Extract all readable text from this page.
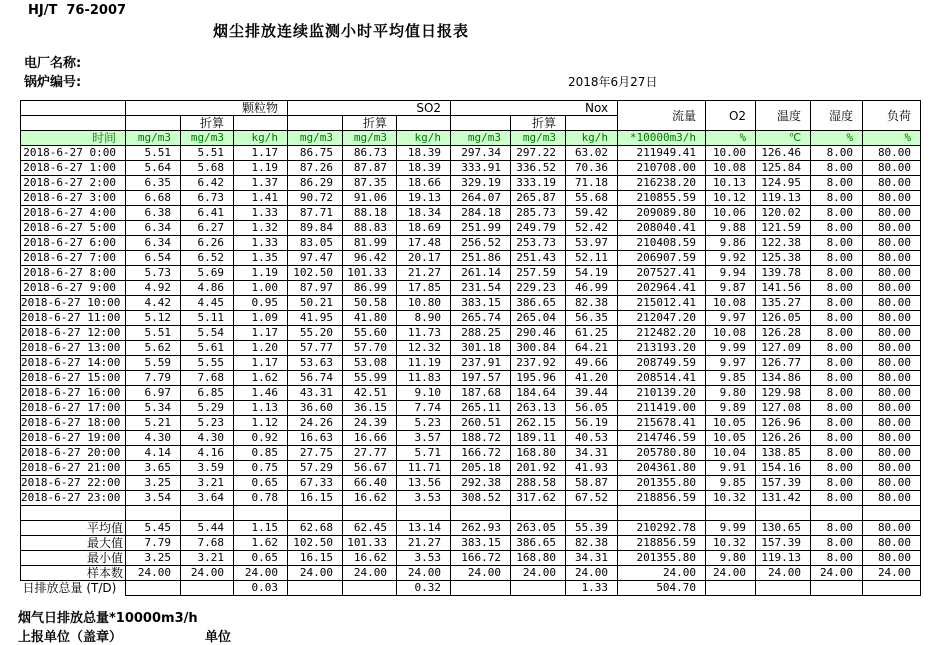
HJ/T  76-2007
烟尘排放连续监测小时平均值日报表
电厂名称:
锅炉编号:	2018年6月27日
	颗粒物			SO2			Nox			流量	O2	温度	湿度	负荷
		折算			折算			折算						
时间	mg/m3	mg/m3	kg/h	mg/m3	mg/m3	kg/h	mg/m3	mg/m3	kg/h	*10000m3/h	%	℃	%	%
2018-6-27 0:00	5.51	5.51	1.17	86.75	86.73	18.39	297.34	297.22	63.02	211949.41	10.00	126.46	8.00	80.00
2018-6-27 1:00	5.64	5.68	1.19	87.26	87.87	18.39	333.91	336.52	70.36	210708.00	10.08	125.84	8.00	80.00
2018-6-27 2:00	6.35	6.42	1.37	86.29	87.35	18.66	329.19	333.19	71.18	216238.20	10.13	124.95	8.00	80.00
2018-6-27 3:00	6.68	6.73	1.41	90.72	91.06	19.13	264.07	265.87	55.68	210855.59	10.12	119.13	8.00	80.00
2018-6-27 4:00	6.38	6.41	1.33	87.71	88.18	18.34	284.18	285.73	59.42	209089.80	10.06	120.02	8.00	80.00
2018-6-27 5:00	6.34	6.27	1.32	89.84	88.83	18.69	251.99	249.79	52.42	208040.41	9.88	121.59	8.00	80.00
2018-6-27 6:00	6.34	6.26	1.33	83.05	81.99	17.48	256.52	253.73	53.97	210408.59	9.86	122.38	8.00	80.00
2018-6-27 7:00	6.54	6.52	1.35	97.47	96.42	20.17	251.86	251.43	52.11	206907.59	9.92	125.38	8.00	80.00
2018-6-27 8:00	5.73	5.69	1.19	102.50	101.33	21.27	261.14	257.59	54.19	207527.41	9.94	139.78	8.00	80.00
2018-6-27 9:00	4.92	4.86	1.00	87.97	86.99	17.85	231.54	229.23	46.99	202964.41	9.87	141.56	8.00	80.00
2018-6-27 10:00	4.42	4.45	0.95	50.21	50.58	10.80	383.15	386.65	82.38	215012.41	10.08	135.27	8.00	80.00
2018-6-27 11:00	5.12	5.11	1.09	41.95	41.80	8.90	265.74	265.04	56.35	212047.20	9.97	126.05	8.00	80.00
2018-6-27 12:00	5.51	5.54	1.17	55.20	55.60	11.73	288.25	290.46	61.25	212482.20	10.08	126.28	8.00	80.00
2018-6-27 13:00	5.62	5.61	1.20	57.77	57.70	12.32	301.18	300.84	64.21	213193.20	9.99	127.09	8.00	80.00
2018-6-27 14:00	5.59	5.55	1.17	53.63	53.08	11.19	237.91	237.92	49.66	208749.59	9.97	126.77	8.00	80.00
2018-6-27 15:00	7.79	7.68	1.62	56.74	55.99	11.83	197.57	195.96	41.20	208514.41	9.85	134.86	8.00	80.00
2018-6-27 16:00	6.97	6.85	1.46	43.31	42.51	9.10	187.68	184.64	39.44	210139.20	9.80	129.98	8.00	80.00
2018-6-27 17:00	5.34	5.29	1.13	36.60	36.15	7.74	265.11	263.13	56.05	211419.00	9.89	127.08	8.00	80.00
2018-6-27 18:00	5.21	5.23	1.12	24.26	24.39	5.23	260.51	262.15	56.19	215678.41	10.05	126.96	8.00	80.00
2018-6-27 19:00	4.30	4.30	0.92	16.63	16.66	3.57	188.72	189.11	40.53	214746.59	10.05	126.26	8.00	80.00
2018-6-27 20:00	4.14	4.16	0.85	27.75	27.77	5.71	166.72	168.80	34.31	205780.80	10.04	138.85	8.00	80.00
2018-6-27 21:00	3.65	3.59	0.75	57.29	56.67	11.71	205.18	201.92	41.93	204361.80	9.91	154.16	8.00	80.00
2018-6-27 22:00	3.25	3.21	0.65	67.33	66.40	13.56	292.38	288.58	58.87	201355.80	9.85	157.39	8.00	80.00
2018-6-27 23:00	3.54	3.64	0.78	16.15	16.62	3.53	308.52	317.62	67.52	218856.59	10.32	131.42	8.00	80.00

平均值	5.45	5.44	1.15	62.68	62.45	13.14	262.93	263.05	55.39	210292.78	9.99	130.65	8.00	80.00
最大值	7.79	7.68	1.62	102.50	101.33	21.27	383.15	386.65	82.38	218856.59	10.32	157.39	8.00	80.00
最小值	3.25	3.21	0.65	16.15	16.62	3.53	166.72	168.80	34.31	201355.80	9.80	119.13	8.00	80.00
样本数	24.00	24.00	24.00	24.00	24.00	24.00	24.00	24.00	24.00	24.00	24.00	24.00	24.00	24.00
日排放总量 (T/D)			0.03			0.32			1.33	504.70				
烟气日排放总量*10000m3/h
上报单位（盖章）	单位
